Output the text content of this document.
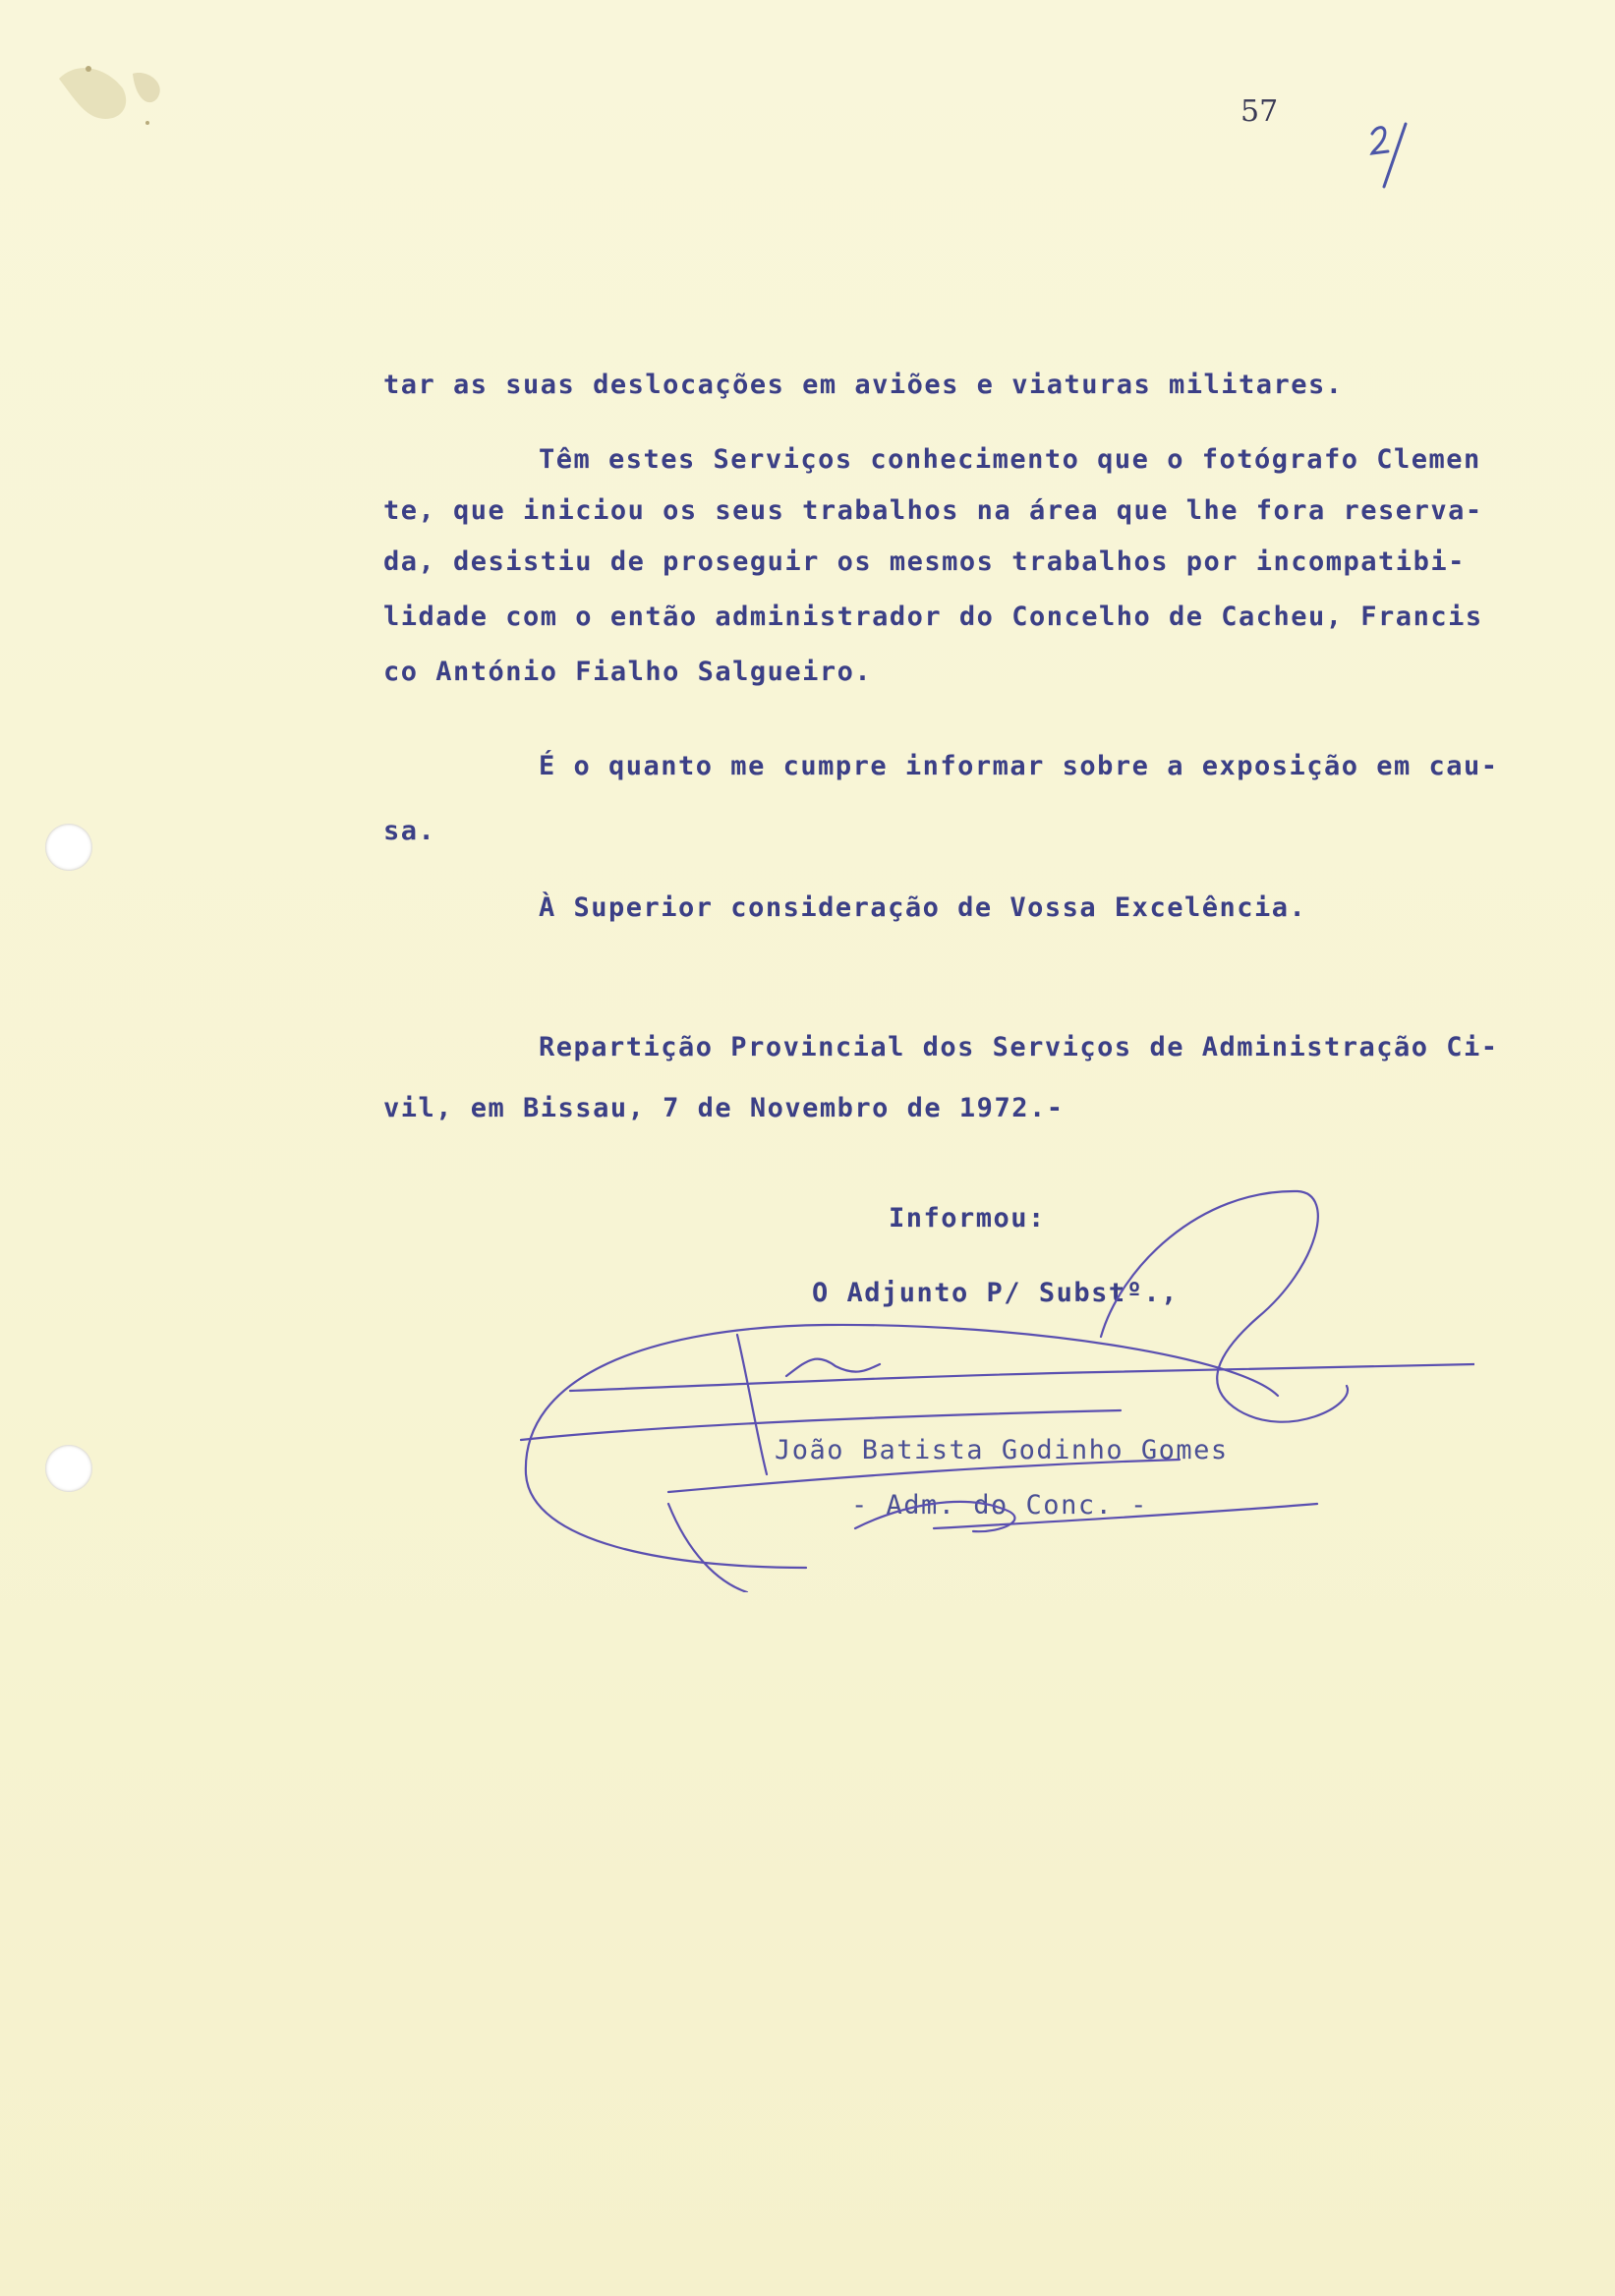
57
tar as suas deslocações em aviões e viaturas militares.
Têm estes Serviços conhecimento que o fotógrafo Clemen
te, que iniciou os seus trabalhos na área que lhe fora reserva-
da, desistiu de proseguir os mesmos trabalhos por incompatibi-
lidade com o então administrador do Concelho de Cacheu, Francis
co António Fialho Salgueiro.
É o quanto me cumpre informar sobre a exposição em cau-
sa.
À Superior consideração de Vossa Excelência.
Repartição Provincial dos Serviços de Administração Ci-
vil, em Bissau, 7 de Novembro de 1972.-
Informou:
O Adjunto P/ Substº.,
João Batista Godinho Gomes
- Adm. do Conc. -
